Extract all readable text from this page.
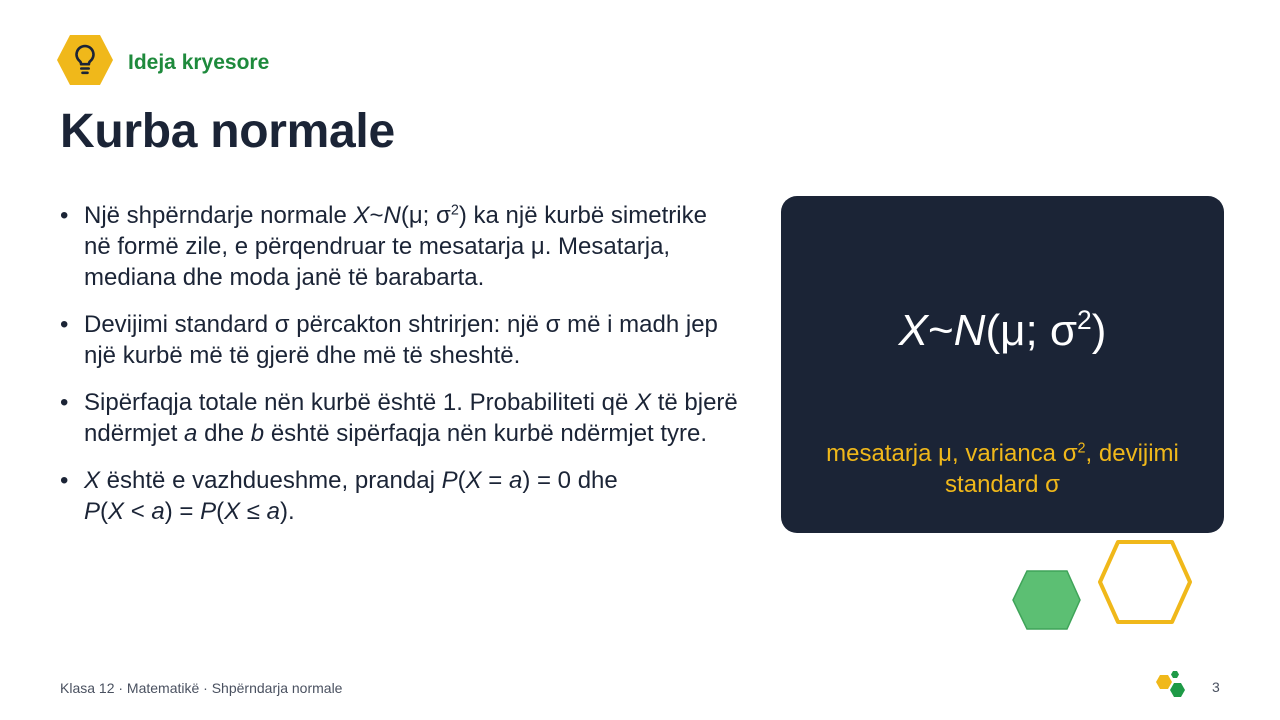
Ideja kryesore
Kurba normale
• Një shpërndarje normale X~N(μ; $\sigma^2$) ka një kurbë simetrike në formë zile, e përqendruar te mesatarja μ. Mesatarja, mediana dhe moda janë të barabarta.
• Devijimi standard σ përcakton shtrirjen: një σ më i madh jep një kurbë më të gjerë dhe më të sheshtë.
• Sipërfaqja totale nën kurbë është 1. Probabiliteti që X të bjerë ndërmjet a dhe b është sipërfaqja nën kurbë ndërmjet tyre.
• X është e vazhdueshme, prandaj P(X = a) = 0 dhe
P(X < a) = P(X ≤ a).
X~N(μ; $\sigma^2$)
mesatarja μ, varianca $\sigma^2$, devijimi standard σ
Klasa 12 · Matematikë · Shpërndarja normale	3
